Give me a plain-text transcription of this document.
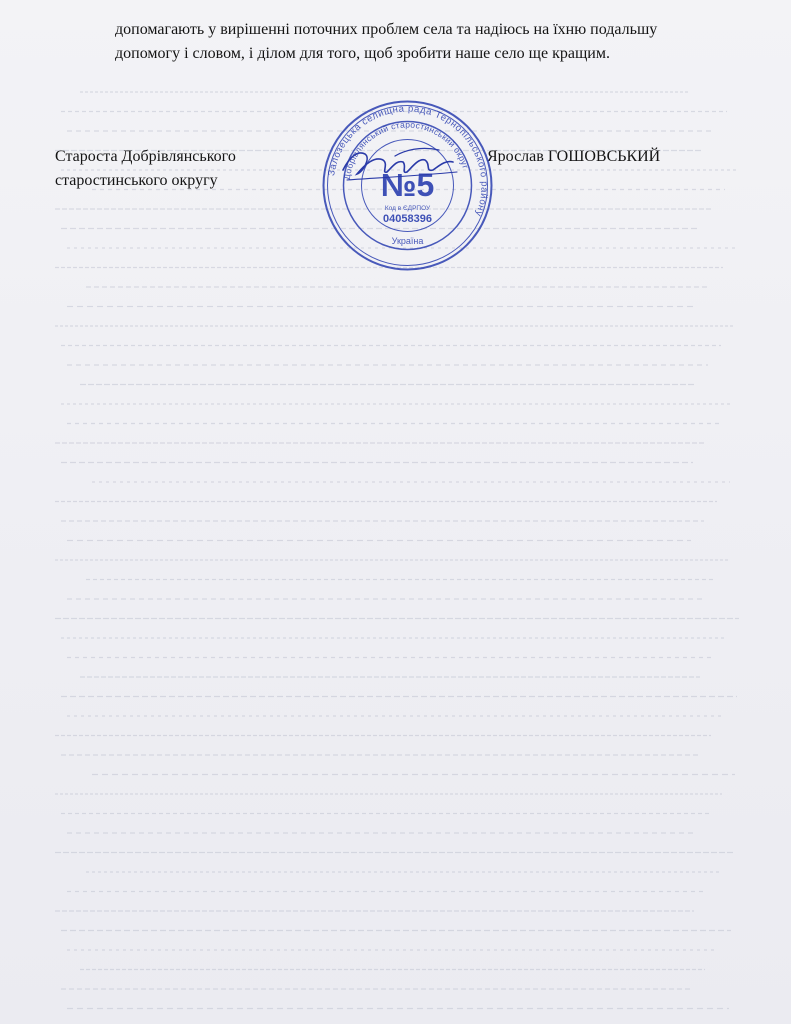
допомагають у вирішенні поточних проблем села та надіюсь на їхню подальшу
допомогу і словом, і ділом для того, щоб зробити наше село ще кращим.
Староста Добрівлянського
старостинського округу
Ярослав ГОШОВСЬКИЙ
Залозецька селищна рада Тернопільського району
Добрівлянський старостинський округ
№5
Код в ЄДРПОУ
04058396
Україна
